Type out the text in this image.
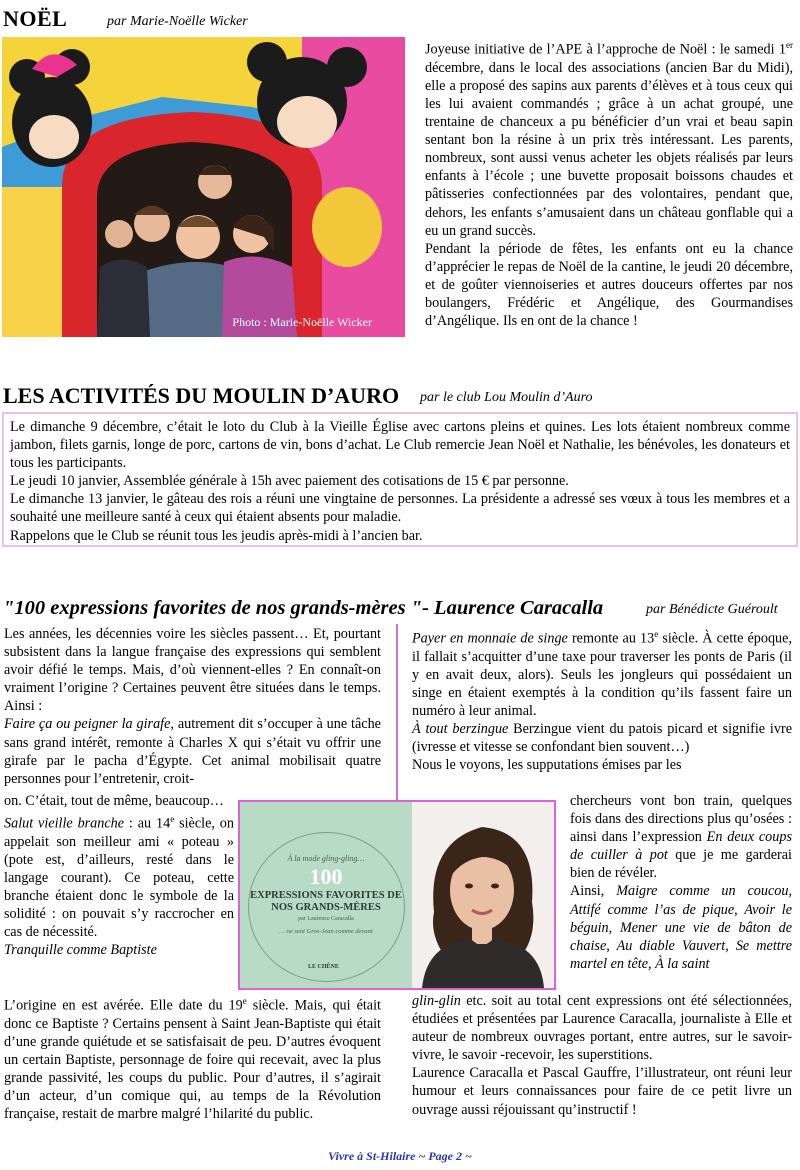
NOËL	par Marie-Noëlle Wicker
Photo : Marie-Noëlle Wicker

Joyeuse initiative de l’APE à l’approche de Noël : le samedi 1er décembre, dans le local des associations (ancien Bar du Midi), elle a proposé des sapins aux parents d’élèves et à tous ceux qui les lui avaient commandés ; grâce à un achat groupé, une trentaine de chanceux a pu bénéficier d’un vrai et beau sapin sentant bon la résine à un prix très intéressant. Les parents, nombreux, sont aussi venus acheter les objets réalisés par leurs enfants à l’école ; une buvette proposait boissons chaudes et pâtisseries confectionnées par des volontaires, pendant que, dehors, les enfants s’amusaient dans un château gonflable qui a eu un grand succès.

Pendant la période de fêtes, les enfants ont eu la chance d’apprécier le repas de Noël de la cantine, le jeudi 20 décembre, et de goûter viennoiseries et autres douceurs offertes par nos boulangers, Frédéric et Angélique, des Gourmandises d’Angélique. Ils en ont de la chance !

LES ACTIVITÉS DU MOULIN D’AURO par le club Lou Moulin d’Auro

Le dimanche 9 décembre, c’était le loto du Club à la Vieille Église avec cartons pleins et quines. Les lots étaient nombreux comme jambon, filets garnis, longe de porc, cartons de vin, bons d’achat. Le Club remercie Jean Noël et Nathalie, les bénévoles, les donateurs et tous les participants.

Le jeudi 10 janvier, Assemblée générale à 15h avec paiement des cotisations de 15 € par personne.

Le dimanche 13 janvier, le gâteau des rois a réuni une vingtaine de personnes. La présidente a adressé ses vœux à tous les membres et a souhaité une meilleure santé à ceux qui étaient absents pour maladie.

Rappelons que le Club se réunit tous les jeudis après-midi à l’ancien bar.

"100 expressions favorites de nos grands-mères "- Laurence Caracalla	par Bénédicte Guéroult

Les années, les décennies voire les siècles passent… Et, pourtant subsistent dans la langue française des expressions qui semblent avoir défié le temps. Mais, d’où viennent-elles ? En connaît-on vraiment l’origine ? Certaines peuvent être situées dans le temps. Ainsi :

Faire ça ou peigner la girafe, autrement dit s’occuper à une tâche sans grand intérêt, remonte à Charles X qui s’était vu offrir une girafe par le pacha d’Égypte. Cet animal mobilisait quatre personnes pour l’entretenir, croit-

on. C’était, tout de même, beaucoup…

Salut vieille branche : au 14e siècle, on appelait son meilleur ami « poteau » (pote est, d’ailleurs, resté dans le langage courant). Ce poteau, cette branche étaient donc le symbole de la solidité : on pouvait s’y raccrocher en cas de nécessité.

Tranquille comme Baptiste

L’origine en est avérée. Elle date du 19e siècle. Mais, qui était donc ce Baptiste ? Certains pensent à Saint Jean-Baptiste qui était d’une grande quiétude et se satisfaisait de peu. D’autres évoquent un certain Baptiste, personnage de foire qui recevait, avec la plus grande passivité, les coups du public. Pour d’autres, il s’agirait d’un acteur, d’un comique qui, au temps de la Révolution française, restait de marbre malgré l’hilarité du public.

Payer en monnaie de singe remonte au 13e siècle. À cette époque, il fallait s’acquitter d’une taxe pour traverser les ponts de Paris (il y en avait deux, alors). Seuls les jongleurs qui possédaient un singe en étaient exemptés à la condition qu’ils fassent faire un numéro à leur animal.

À tout berzingue Berzingue vient du patois picard et signifie ivre (ivresse et vitesse se confondant bien souvent…)

Nous le voyons, les supputations émises par les

chercheurs vont bon train, quelques fois dans des directions plus qu’osées : ainsi dans l’expression En deux coups de cuiller à pot que je me garderai bien de révéler.

Ainsi, Maigre comme un coucou, Attifé comme l’as de pique, Avoir le béguin, Mener une vie de bâton de chaise, Au diable Vauvert, Se mettre martel en tête, À la saint

glin-glin etc. soit au total cent expressions ont été sélectionnées, étudiées et présentées par Laurence Caracalla, journaliste à Elle et auteur de nombreux ouvrages portant, entre autres, sur le savoir-vivre, le savoir -recevoir, les superstitions.

Laurence Caracalla et Pascal Gauffre, l’illustrateur, ont réuni leur humour et leurs connaissances pour faire de ce petit livre un ouvrage aussi réjouissant qu’instructif !

À la mode gling-gling…
100
EXPRESSIONS FAVORITES DE NOS GRANDS-MÈRES
par Laurence Caracalla
… ne sent Gros-Jean comme devant
LE CHÊNE
Vivre à St-Hilaire ~ Page 2 ~
